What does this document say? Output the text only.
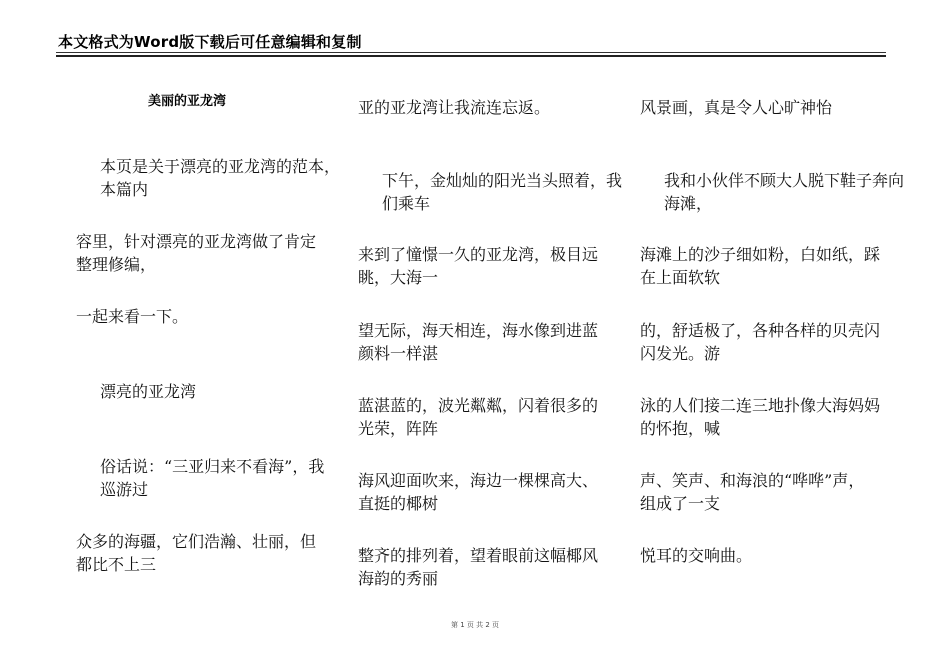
本文格式为Word版下载后可任意编辑和复制
美丽的亚龙湾
本页是关于漂亮的亚龙湾的范本，本篇内
容里，针对漂亮的亚龙湾做了肯定整理修编，
一起来看一下。
漂亮的亚龙湾
俗话说：“三亚归来不看海”，我巡游过
众多的海疆，它们浩瀚、壮丽，但都比不上三
亚的亚龙湾让我流连忘返。
下午，金灿灿的阳光当头照着，我们乘车
来到了憧憬一久的亚龙湾，极目远眺，大海一
望无际，海天相连，海水像到进蓝颜料一样湛
蓝湛蓝的，波光粼粼，闪着很多的光荣，阵阵
海风迎面吹来，海边一棵棵高大、直挺的椰树
整齐的排列着，望着眼前这幅椰风海韵的秀丽
风景画，真是令人心旷神怡
我和小伙伴不顾大人脱下鞋子奔向海滩，
海滩上的沙子细如粉，白如纸，踩在上面软软
的，舒适极了，各种各样的贝壳闪闪发光。游
泳的人们接二连三地扑像大海妈妈的怀抱，喊
声、笑声、和海浪的“哗哗”声，组成了一支
悦耳的交响曲。
第 1 页 共 2 页
